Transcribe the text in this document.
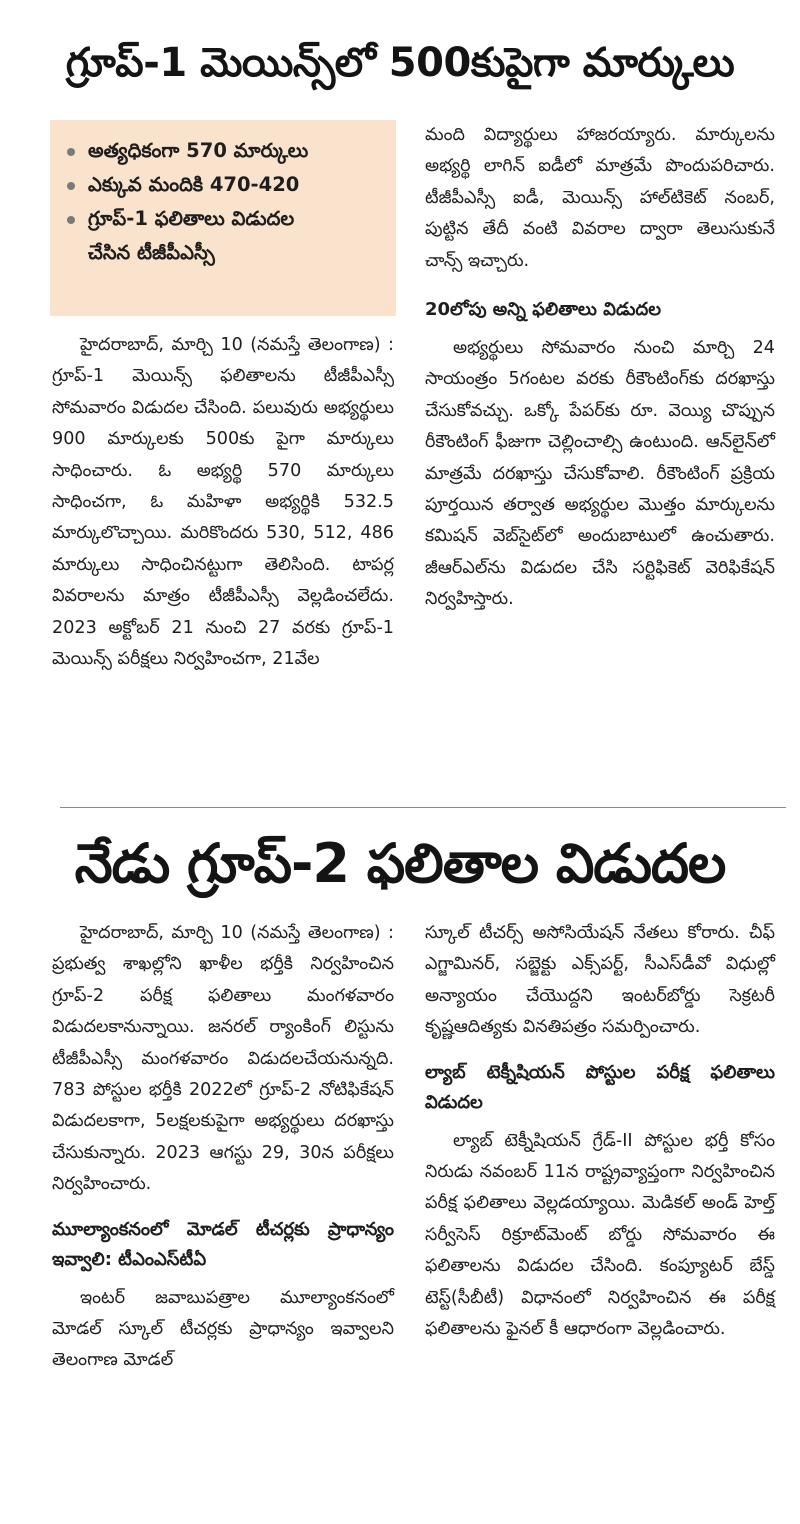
గ్రూప్‌-1 మెయిన్స్‌లో 500కుపైగా మార్కులు
అత్యధికంగా 570 మార్కులు
ఎక్కువ మందికి 470-420
గ్రూప్‌-1 ఫలితాలు విడుదల
చేసిన టీజీపీఎస్సీ

హైదరాబాద్‌, మార్చి 10 (నమస్తే తెలంగాణ) : గ్రూప్‌-1 మెయిన్స్‌ ఫలితాలను టీజీపీఎస్సీ సోమవారం విడుదల చేసింది. పలువురు అభ్యర్థులు 900 మార్కులకు 500కు పైగా మార్కులు సాధించారు. ఓ అభ్యర్థి 570 మార్కులు సాధించగా, ఓ మహిళా అభ్యర్థికి 532.5 మార్కులొచ్చాయి. మరికొందరు 530, 512, 486 మార్కులు సాధించినట్టుగా తెలిసింది. టాపర్ల వివరాలను మాత్రం టీజీపీఎస్సీ వెల్లడించలేదు. 2023 అక్టోబర్‌ 21 నుంచి 27 వరకు గ్రూప్‌-1 మెయిన్స్‌ పరీక్షలు నిర్వహించగా, 21వేల

మంది విద్యార్థులు హాజరయ్యారు. మార్కులను అభ్యర్థి లాగిన్‌ ఐడీలో మాత్రమే పొందుపరిచారు. టీజీపీఎస్సీ ఐడీ, మెయిన్స్‌ హాల్‌టికెట్‌ నంబర్‌, పుట్టిన తేదీ వంటి వివరాల ద్వారా తెలుసుకునే చాన్స్‌ ఇచ్చారు.

20లోపు అన్ని ఫలితాలు విడుదల

అభ్యర్థులు సోమవారం నుంచి మార్చి 24 సాయంత్రం 5గంటల వరకు రీకౌంటింగ్‌కు దరఖాస్తు చేసుకోవచ్చు. ఒక్కో పేపర్‌కు రూ. వెయ్యి చొప్పున రీకౌంటింగ్‌ ఫీజుగా చెల్లించాల్సి ఉంటుంది. ఆన్‌లైన్‌లో మాత్రమే దరఖాస్తు చేసుకోవాలి. రీకౌంటింగ్‌ ప్రక్రియ పూర్తయిన తర్వాత అభ్యర్థుల మొత్తం మార్కులను కమిషన్‌ వెబ్‌సైట్‌లో అందుబాటులో ఉంచుతారు. జీఆర్‌ఎల్‌ను విడుదల చేసి సర్టిఫికెట్‌ వెరిఫికేషన్‌ నిర్వహిస్తారు.

నేడు గ్రూప్‌-2 ఫలితాల విడుదల

హైదరాబాద్‌, మార్చి 10 (నమస్తే తెలంగాణ) : ప్రభుత్వ శాఖల్లోని ఖాళీల భర్తీకి నిర్వహించిన గ్రూప్‌-2 పరీక్ష ఫలితాలు మంగళవారం విడుదలకానున్నాయి. జనరల్‌ ర్యాంకింగ్‌ లిస్టును టీజీపీఎస్సీ మంగళవారం విడుదలచేయనున్నది. 783 పోస్టుల భర్తీకి 2022లో గ్రూప్‌-2 నోటిఫికేషన్‌ విడుదలకాగా, 5లక్షలకుపైగా అభ్యర్థులు దరఖాస్తు చేసుకున్నారు. 2023 ఆగస్టు 29, 30న పరీక్షలు నిర్వహించారు.

మూల్యాంకనంలో మోడల్‌ టీచర్లకు ప్రాధాన్యం ఇవ్వాలి: టీఎంఎస్‌టీఏ

ఇంటర్‌ జవాబుపత్రాల మూల్యాంకనంలో మోడల్‌ స్కూల్‌ టీచర్లకు ప్రాధాన్యం ఇవ్వాలని తెలంగాణ మోడల్‌

స్కూల్‌ టీచర్స్‌ అసోసియేషన్‌ నేతలు కోరారు. చీఫ్‌ ఎగ్జామినర్‌, సబ్జెక్టు ఎక్స్‌పర్ట్‌, సీఎస్‌డీవో విధుల్లో అన్యాయం చేయొద్దని ఇంటర్‌బోర్డు సెక్రటరీ కృష్ణఆదిత్యకు వినతిపత్రం సమర్పించారు.

ల్యాబ్‌ టెక్నీషియన్‌ పోస్టుల పరీక్ష ఫలితాలు విడుదల

ల్యాబ్‌ టెక్నీషియన్‌ గ్రేడ్‌-II పోస్టుల భర్తీ కోసం నిరుడు నవంబర్‌ 11న రాష్ట్రవ్యాప్తంగా నిర్వహించిన పరీక్ష ఫలితాలు వెల్లడయ్యాయి. మెడికల్‌ అండ్‌ హెల్త్‌ సర్వీసెస్‌ రిక్రూట్‌మెంట్‌ బోర్డు సోమవారం ఈ ఫలితాలను విడుదల చేసింది. కంప్యూటర్‌ బేస్డ్‌ టెస్ట్‌(సీబీటీ) విధానంలో నిర్వహించిన ఈ పరీక్ష ఫలితాలను ఫైనల్‌ కీ ఆధారంగా వెల్లడించారు.
